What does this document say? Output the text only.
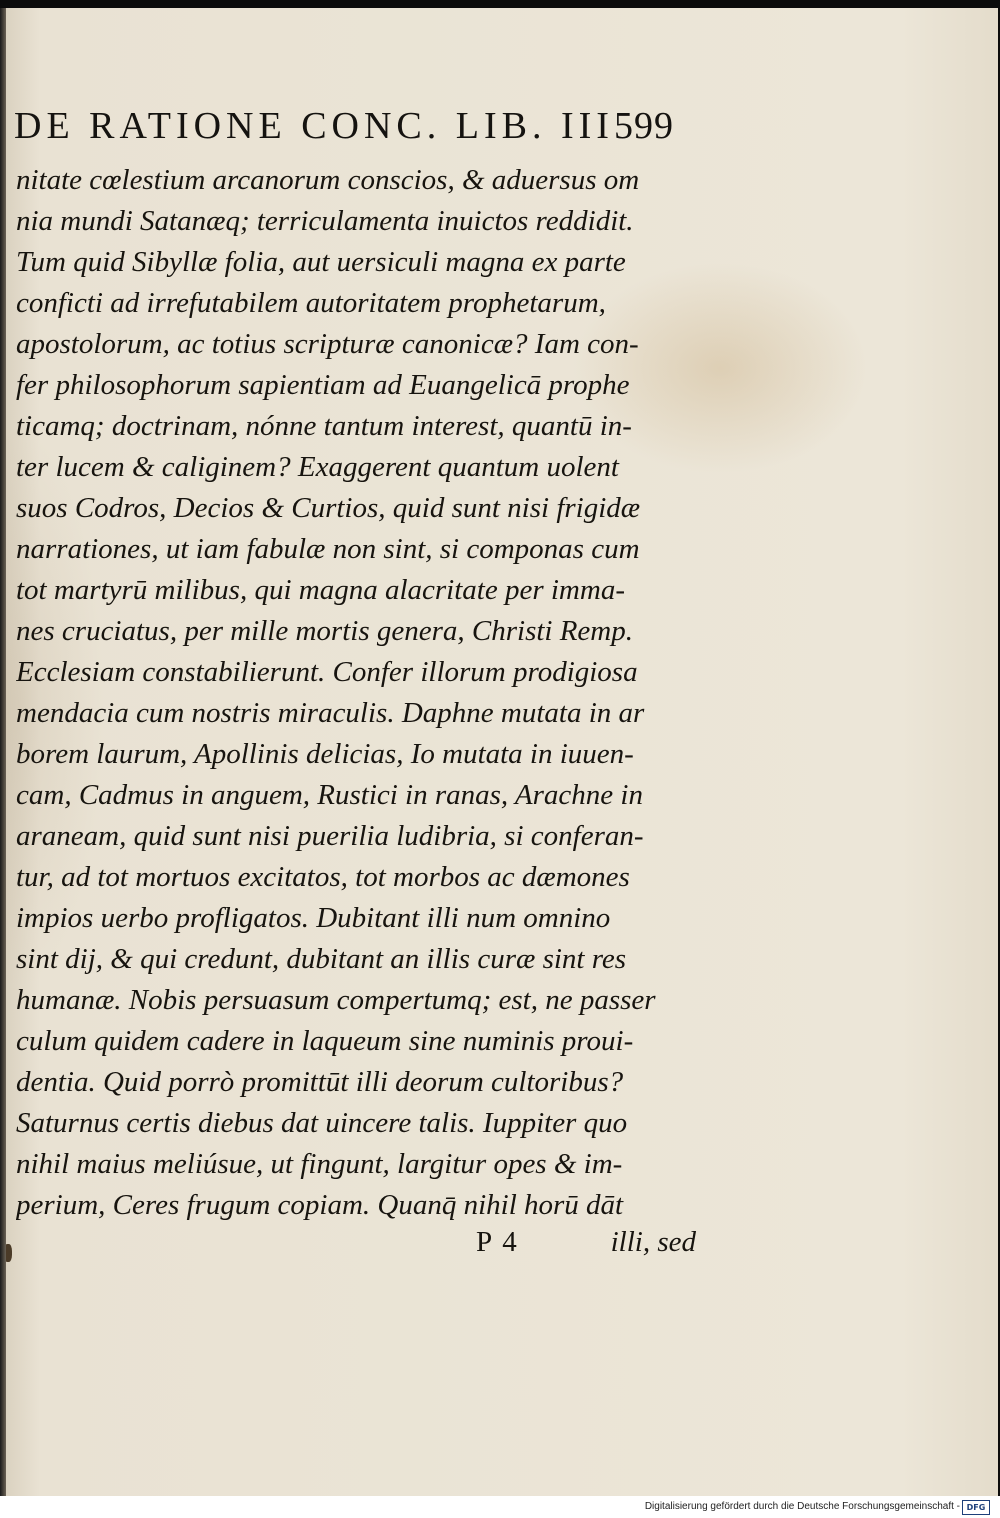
DE RATIONE CONC. LIB. III 599
nitate cœlestium arcanorum conscios, & aduersus om
nia mundi Satanæq; terriculamenta inuictos reddidit.
Tum quid Sibyllæ folia, aut uersiculi magna ex parte
conficti ad irrefutabilem autoritatem prophetarum,
apostolorum, ac totius scripturæ canonicæ? Iam con-
fer philosophorum sapientiam ad Euangelicā prophe
ticamq; doctrinam, nónne tantum interest, quantū in-
ter lucem & caliginem? Exaggerent quantum uolent
suos Codros, Decios & Curtios, quid sunt nisi frigidæ
narrationes, ut iam fabulæ non sint, si componas cum
tot martyrū milibus, qui magna alacritate per imma-
nes cruciatus, per mille mortis genera, Christi Remp.
Ecclesiam constabilierunt. Confer illorum prodigiosa
mendacia cum nostris miraculis. Daphne mutata in ar
borem laurum, Apollinis delicias, Io mutata in iuuen-
cam, Cadmus in anguem, Rustici in ranas, Arachne in
araneam, quid sunt nisi puerilia ludibria, si conferan-
tur, ad tot mortuos excitatos, tot morbos ac dæmones
impios uerbo profligatos. Dubitant illi num omnino
sint dij, & qui credunt, dubitant an illis curæ sint res
humanæ. Nobis persuasum compertumq; est, ne passer
culum quidem cadere in laqueum sine numinis proui-
dentia. Quid porrò promittūt illi deorum cultoribus?
Saturnus certis diebus dat uincere talis. Iuppiter quo
nihil maius meliúsue, ut fingunt, largitur opes & im-
perium, Ceres frugum copiam. Quanq̄ nihil horū dāt
P 4	illi, sed
Digitalisierung gefördert durch die Deutsche Forschungsgemeinschaft - DFG
